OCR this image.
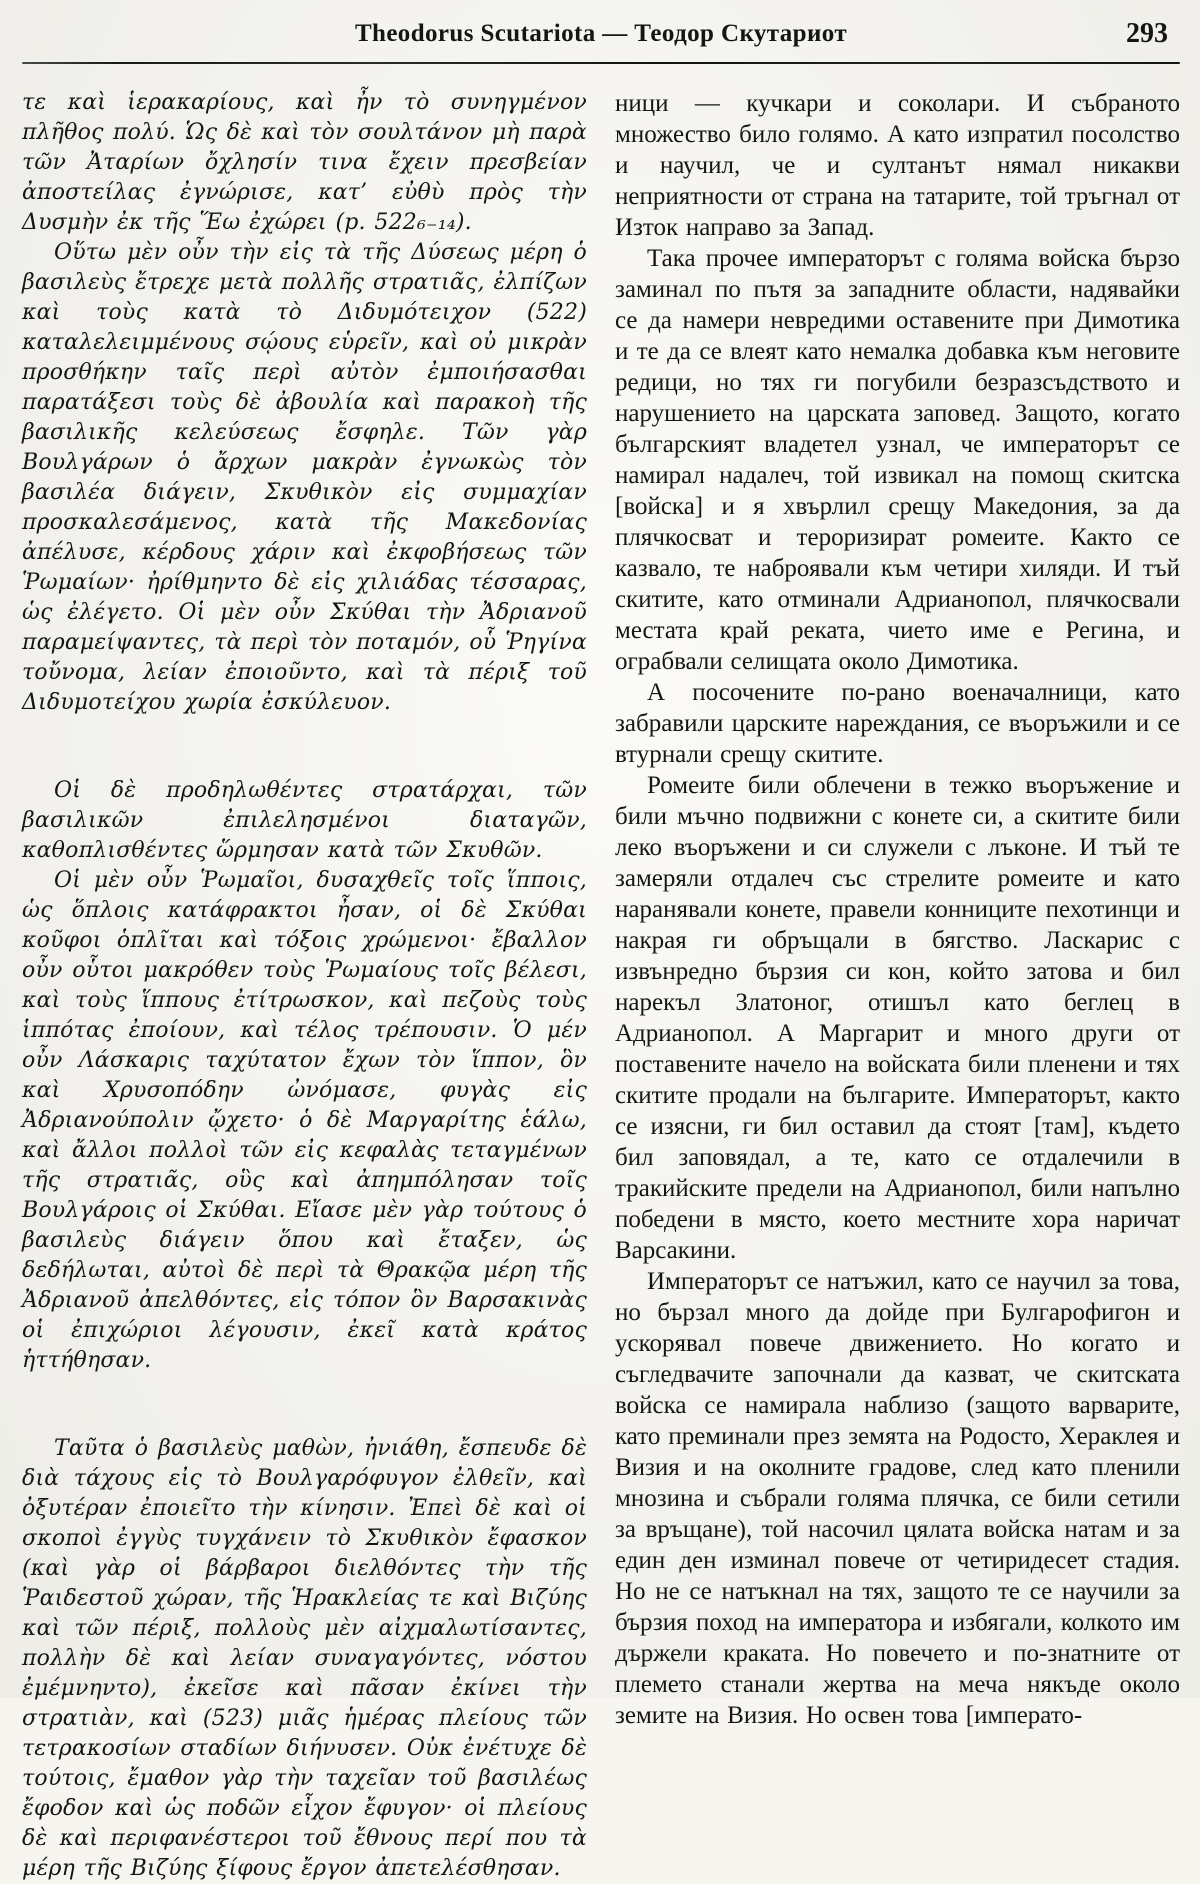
Theodorus Scutariota — Теодор Скутариот	293

τε καὶ ἱερακαρίους, καὶ ἦν τὸ συνηγμένον πλῆθος πολύ. Ὡς δὲ καὶ τὸν σουλτάνον μὴ παρὰ τῶν Ἀταρίων ὄχλησίν τινα ἔχειν πρεσβείαν ἀποστείλας ἐγνώρισε, κατ’ εὐθὺ πρὸς τὴν Δυσμὴν ἐκ τῆς Ἕω ἐχώρει (p. 522₆₋₁₄).

Οὕτω μὲν οὖν τὴν εἰς τὰ τῆς Δύσεως μέρη ὁ βασιλεὺς ἔτρεχε μετὰ πολλῆς στρατιᾶς, ἐλπίζων καὶ τοὺς κατὰ τὸ Διδυμότειχον (522) καταλελειμμένους σῴους εὑρεῖν, καὶ οὐ μικρὰν προσθήκην ταῖς περὶ αὐτὸν ἐμποιήσασθαι παρατάξεσι τοὺς δὲ ἀβουλία καὶ παρακοὴ τῆς βασιλικῆς κελεύσεως ἔσφηλε. Τῶν γὰρ Βουλγάρων ὁ ἄρχων μακρὰν ἐγνωκὼς τὸν βασιλέα διάγειν, Σκυθικὸν εἰς συμμαχίαν προσκαλεσάμενος, κατὰ τῆς Μακεδονίας ἀπέλυσε, κέρδους χάριν καὶ ἐκφοβήσεως τῶν Ῥωμαίων· ἠρίθμηντο δὲ εἰς χιλιάδας τέσσαρας, ὡς ἐλέγετο. Οἱ μὲν οὖν Σκύθαι τὴν Ἀδριανοῦ παραμείψαντες, τὰ περὶ τὸν ποταμόν, οὗ Ῥηγίνα τοὔνομα, λείαν ἐποιοῦντο, καὶ τὰ πέριξ τοῦ Διδυμοτείχου χωρία ἐσκύλευον.

Οἱ δὲ προδηλωθέντες στρατάρχαι, τῶν βασιλικῶν ἐπιλελησμένοι διαταγῶν, καθοπλισθέντες ὥρμησαν κατὰ τῶν Σκυθῶν.

Οἱ μὲν οὖν Ῥωμαῖοι, δυσαχθεῖς τοῖς ἵπποις, ὡς ὅπλοις κατάφρακτοι ἦσαν, οἱ δὲ Σκύθαι κοῦφοι ὁπλῖται καὶ τόξοις χρώμενοι· ἔβαλλον οὖν οὗτοι μακρόθεν τοὺς Ῥωμαίους τοῖς βέλεσι, καὶ τοὺς ἵππους ἐτίτρωσκον, καὶ πεζοὺς τοὺς ἱππότας ἐποίουν, καὶ τέλος τρέπουσιν. Ὁ μέν οὖν Λάσκαρις ταχύτατον ἔχων τὸν ἵππον, ὃν καὶ Χρυσοπόδην ὠνόμασε, φυγὰς εἰς Ἀδριανούπολιν ᾤχετο· ὁ δὲ Μαργαρίτης ἑάλω, καὶ ἄλλοι πολλοὶ τῶν εἰς κεφαλὰς τεταγμένων τῆς στρατιᾶς, οὓς καὶ ἀπημπόλησαν τοῖς Βουλγάροις οἱ Σκύθαι. Εἴασε μὲν γὰρ τούτους ὁ βασιλεὺς διάγειν ὅπου καὶ ἔταξεν, ὡς δεδήλωται, αὐτοὶ δὲ περὶ τὰ Θρακῷα μέρη τῆς Ἀδριανοῦ ἀπελθόντες, εἰς τόπον ὃν Βαρσακινὰς οἱ ἐπιχώριοι λέγουσιν, ἐκεῖ κατὰ κράτος ἡττήθησαν.

Ταῦτα ὁ βασιλεὺς μαθὼν, ἠνιάθη, ἔσπευδε δὲ διὰ τάχους εἰς τὸ Βουλγαρόφυγον ἐλθεῖν, καὶ ὀξυτέραν ἐποιεῖτο τὴν κίνησιν. Ἐπεὶ δὲ καὶ οἱ σκοποὶ ἐγγὺς τυγχάνειν τὸ Σκυθικὸν ἔφασκον (καὶ γὰρ οἱ βάρβαροι διελθόντες τὴν τῆς Ῥαιδεστοῦ χώραν, τῆς Ἡρακλείας τε καὶ Βιζύης καὶ τῶν πέριξ, πολλοὺς μὲν αἰχμαλωτίσαντες, πολλὴν δὲ καὶ λείαν συναγαγόντες, νόστου ἐμέμνηντο), ἐκεῖσε καὶ πᾶσαν ἐκίνει τὴν στρατιὰν, καὶ (523) μιᾶς ἡμέρας πλείους τῶν τετρακοσίων σταδίων διήνυσεν. Οὐκ ἐνέτυχε δὲ τούτοις, ἔμαθον γὰρ τὴν ταχεῖαν τοῦ βασιλέως ἔφοδον καὶ ὡς ποδῶν εἶχον ἔφυγον· οἱ πλείους δὲ καὶ περιφανέστεροι τοῦ ἔθνους περί που τὰ μέρη τῆς Βιζύης ξίφους ἔργον ἀπετελέσθησαν.

ници — кучкари и соколари. И събраното множество било голямо. А като изпратил посолство и научил, че и султанът нямал никакви неприятности от страна на татарите, той тръгнал от Изток направо за Запад.

Така прочее императорът с голяма войска бързо заминал по пътя за западните области, надявайки се да намери невредими оставените при Димотика и те да се влеят като немалка добавка към неговите редици, но тях ги погубили безразсъдството и нарушението на царската заповед. Защото, когато българският владетел узнал, че императорът се намирал надалеч, той извикал на помощ скитска [войска] и я хвърлил срещу Македония, за да плячкосват и тероризират ромеите. Както се казвало, те наброявали към четири хиляди. И тъй скитите, като отминали Адрианопол, плячкосвали местата край реката, чието име е Регина, и ограбвали селищата около Димотика.

А посочените по-рано военачалници, като забравили царските нареждания, се въоръжили и се втурнали срещу скитите.

Ромеите били облечени в тежко въоръжение и били мъчно подвижни с конете си, а скитите били леко въоръжени и си служели с лъконе. И тъй те замеряли отдалеч със стрелите ромеите и като наранявали конете, правели конниците пехотинци и накрая ги обръщали в бягство. Ласкарис с извънредно бързия си кон, който затова и бил нарекъл Златоног, отишъл като беглец в Адрианопол. А Маргарит и много други от поставените начело на войската били пленени и тях скитите продали на българите. Императорът, както се изясни, ги бил оставил да стоят [там], където бил заповядал, а те, като се отдалечили в тракийските предели на Адрианопол, били напълно победени в място, което местните хора наричат Варсакини.

Императорът се натъжил, като се научил за това, но бързал много да дойде при Булгарофигон и ускорявал повече движението. Но когато и съгледвачите започнали да казват, че скитската войска се намирала наблизо (защото варварите, като преминали през земята на Родосто, Хераклея и Визия и на околните градове, след като пленили мнозина и събрали голяма плячка, се били сетили за връщане), той насочил цялата войска натам и за един ден изминал повече от четиридесет стадия. Но не се натъкнал на тях, защото те се научили за бързия поход на императора и избягали, колкото им държели краката. Но повечето и по-знатните от племето станали жертва на меча някъде около земите на Визия. Но освен това [императо-
